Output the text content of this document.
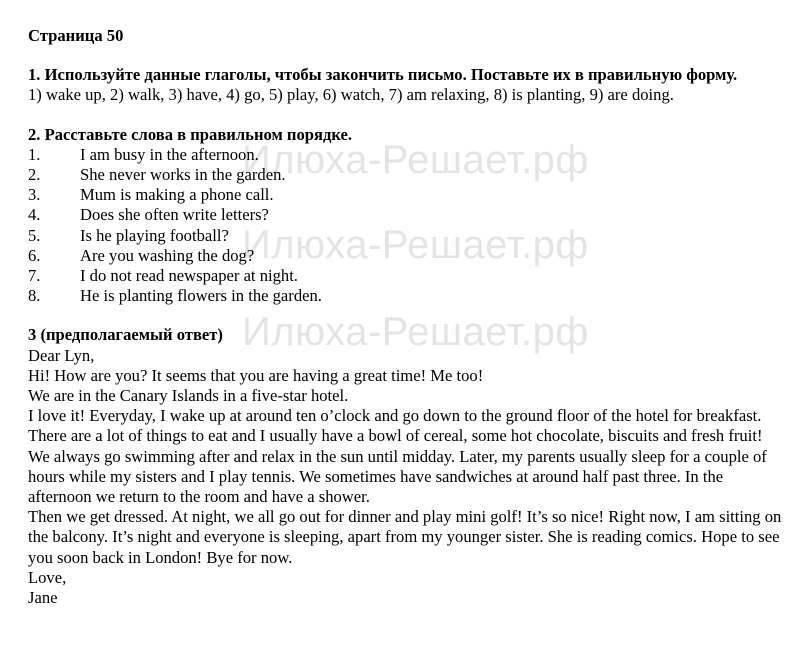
Илюха-Решает.рф
Илюха-Решает.рф
Илюха-Решает.рф

Страница 50

1. Используйте данные глаголы, чтобы закончить письмо. Поставьте их в правильную форму.

1) wake up, 2) walk, 3) have, 4) go, 5) play, 6) watch, 7) am relaxing, 8) is planting, 9) are doing.

2. Расставьте слова в правильном порядке.

1.	I am busy in the afternoon.
2.	She never works in the garden.
3.	Mum is making a phone call.
4.	Does she often write letters?
5.	Is he playing football?
6.	Are you washing the dog?
7.	I do not read newspaper at night.
8.	He is planting flowers in the garden.

3 (предполагаемый ответ)

Dear Lyn,

Hi! How are you? It seems that you are having a great time! Me too!

We are in the Canary Islands in a five-star hotel.

I love it! Everyday, I wake up at around ten o’clock and go down to the ground floor of the hotel for breakfast. There are a lot of things to eat and I usually have a bowl of cereal, some hot chocolate, biscuits and fresh fruit! We always go swimming after and relax in the sun until midday. Later, my parents usually sleep for a couple of hours while my sisters and I play tennis. We sometimes have sandwiches at around half past three. In the afternoon we return to the room and have a shower.

Then we get dressed. At night, we all go out for dinner and play mini golf! It’s so nice! Right now, I am sitting on the balcony. It’s night and everyone is sleeping, apart from my younger sister. She is reading comics. Hope to see you soon back in London! Bye for now.

Love,

Jane
